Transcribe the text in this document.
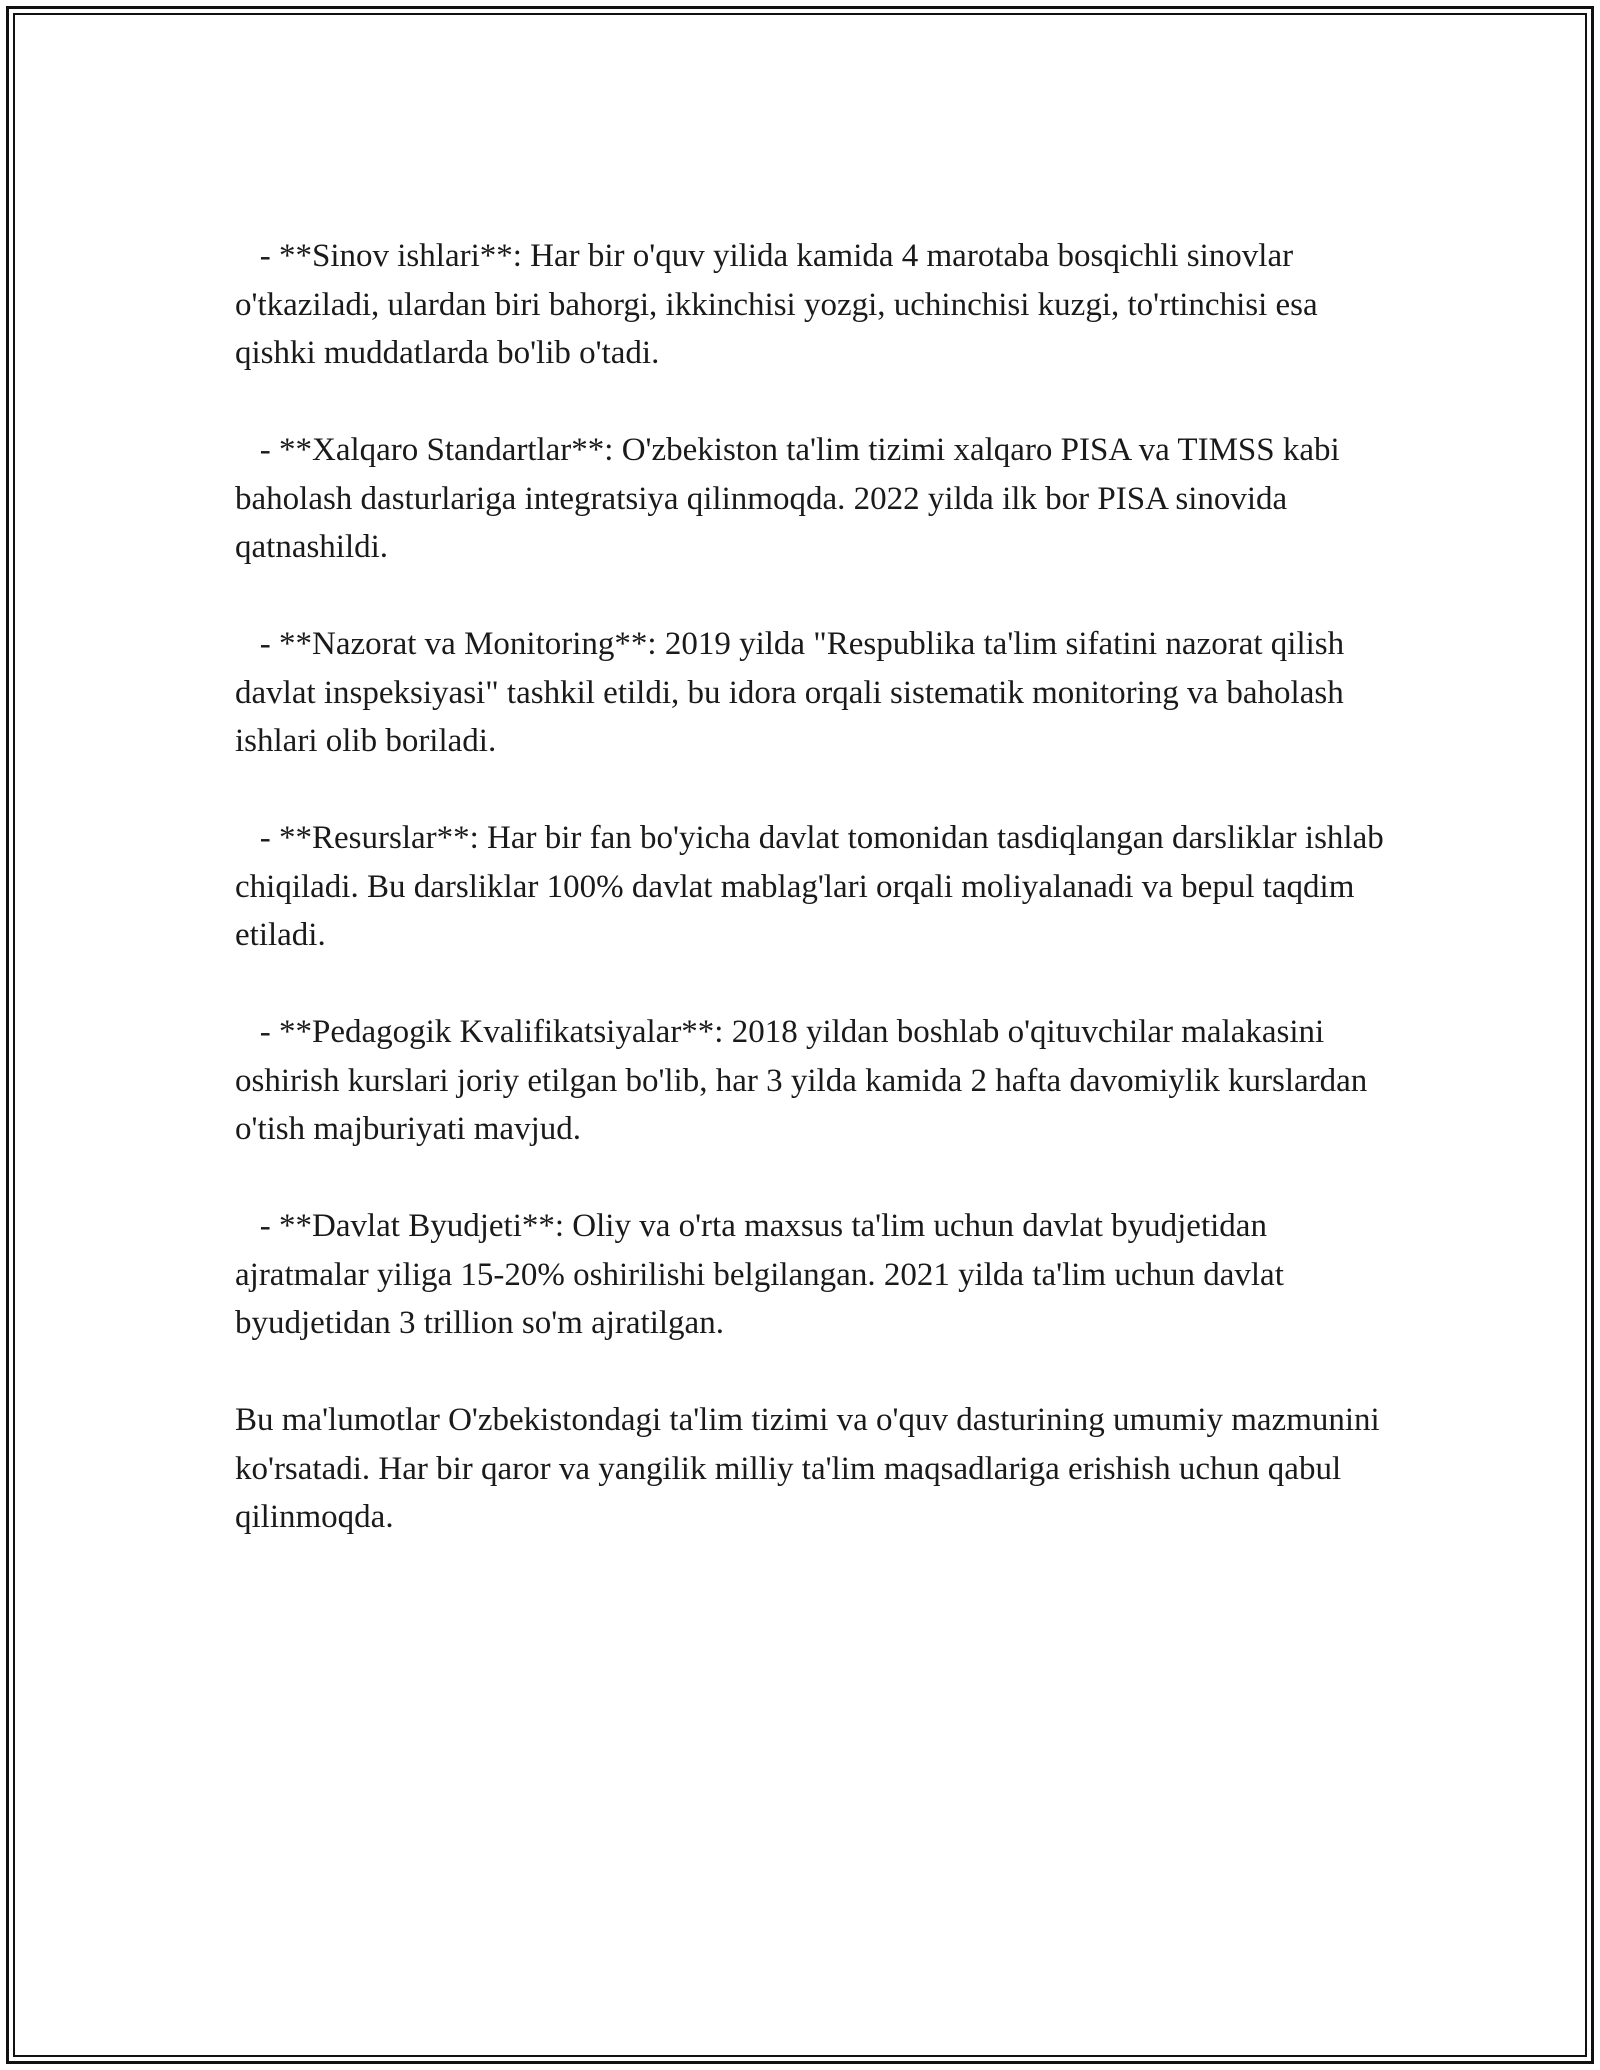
- **Sinov ishlari**: Har bir o'quv yilida kamida 4 marotaba bosqichli sinovlar o'tkaziladi, ulardan biri bahorgi, ikkinchisi yozgi, uchinchisi kuzgi, to'rtinchisi esa qishki muddatlarda bo'lib o'tadi.

- **Xalqaro Standartlar**: O'zbekiston ta'lim tizimi xalqaro PISA va TIMSS kabi baholash dasturlariga integratsiya qilinmoqda. 2022 yilda ilk bor PISA sinovida qatnashildi.

- **Nazorat va Monitoring**: 2019 yilda "Respublika ta'lim sifatini nazorat qilish davlat inspeksiyasi" tashkil etildi, bu idora orqali sistematik monitoring va baholash ishlari olib boriladi.

- **Resurslar**: Har bir fan bo'yicha davlat tomonidan tasdiqlangan darsliklar ishlab chiqiladi. Bu darsliklar 100% davlat mablag'lari orqali moliyalanadi va bepul taqdim etiladi.

- **Pedagogik Kvalifikatsiyalar**: 2018 yildan boshlab o'qituvchilar malakasini oshirish kurslari joriy etilgan bo'lib, har 3 yilda kamida 2 hafta davomiylik kurslardan o'tish majburiyati mavjud.

- **Davlat Byudjeti**: Oliy va o'rta maxsus ta'lim uchun davlat byudjetidan ajratmalar yiliga 15-20% oshirilishi belgilangan. 2021 yilda ta'lim uchun davlat byudjetidan 3 trillion so'm ajratilgan.

Bu ma'lumotlar O'zbekistondagi ta'lim tizimi va o'quv dasturining umumiy mazmunini ko'rsatadi. Har bir qaror va yangilik milliy ta'lim maqsadlariga erishish uchun qabul qilinmoqda.
